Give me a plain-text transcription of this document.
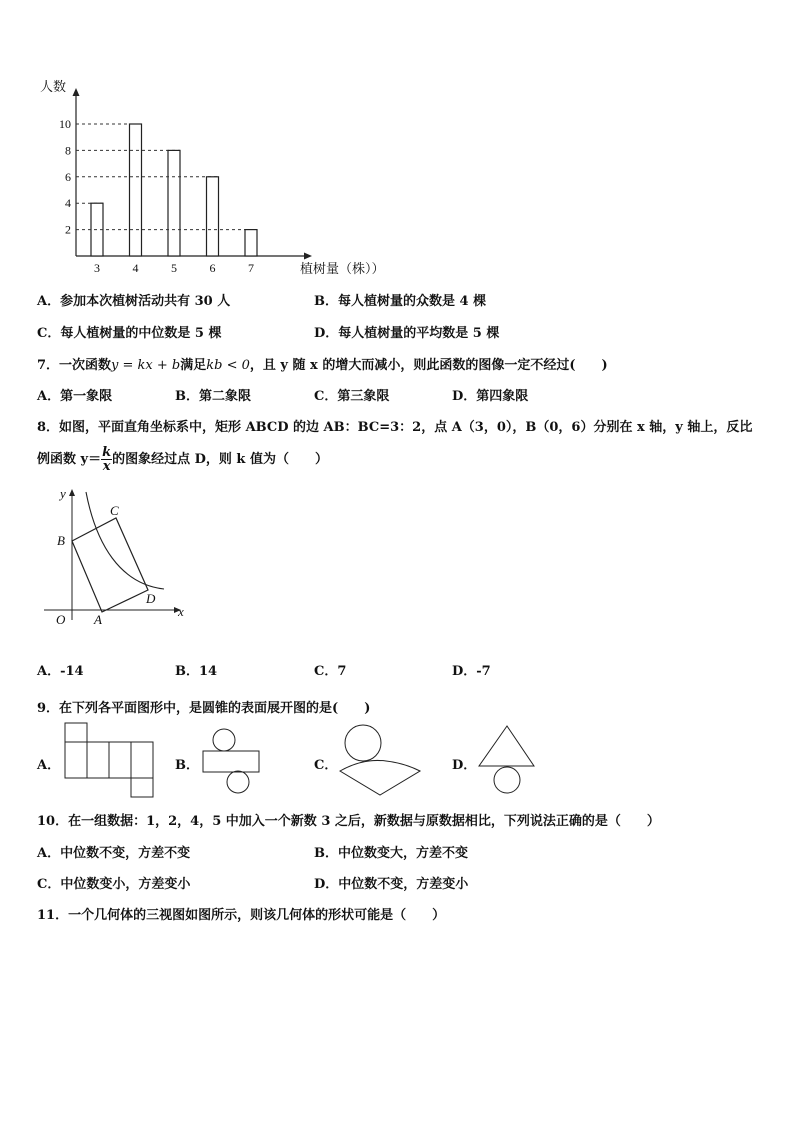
人数
植树量（株））
3	4	5	6	7
2
4
6
8
10
A．参加本次植树活动共有 30 人	B．每人植树量的众数是 4 棵
C．每人植树量的中位数是 5 棵	D．每人植树量的平均数是 5 棵
7．一次函数y = kx + b满足kb < 0，且 y 随 x 的增大而减小，则此函数的图像一定不经过(　　)
A．第一象限	B．第二象限	C．第三象限	D．第四象限
8．如图，平面直角坐标系中，矩形 ABCD 的边 AB：BC=3：2，点 A（3，0），B（0，6）分别在 x 轴，y 轴上，反比
例函数 $y= \frac{k}{x}$ 的图象经过点 D，则 k 值为（　　）
y
x
O A
B
C
D
A．-14	B．14	C．7	D．-7
9．在下列各平面图形中，是圆锥的表面展开图的是(　　)
A．	B．	C．	D．
10．在一组数据：1，2，4，5 中加入一个新数 3 之后，新数据与原数据相比，下列说法正确的是（　　）
A．中位数不变，方差不变	B．中位数变大，方差不变
C．中位数变小，方差变小	D．中位数不变，方差变小
11．一个几何体的三视图如图所示，则该几何体的形状可能是（　　）
